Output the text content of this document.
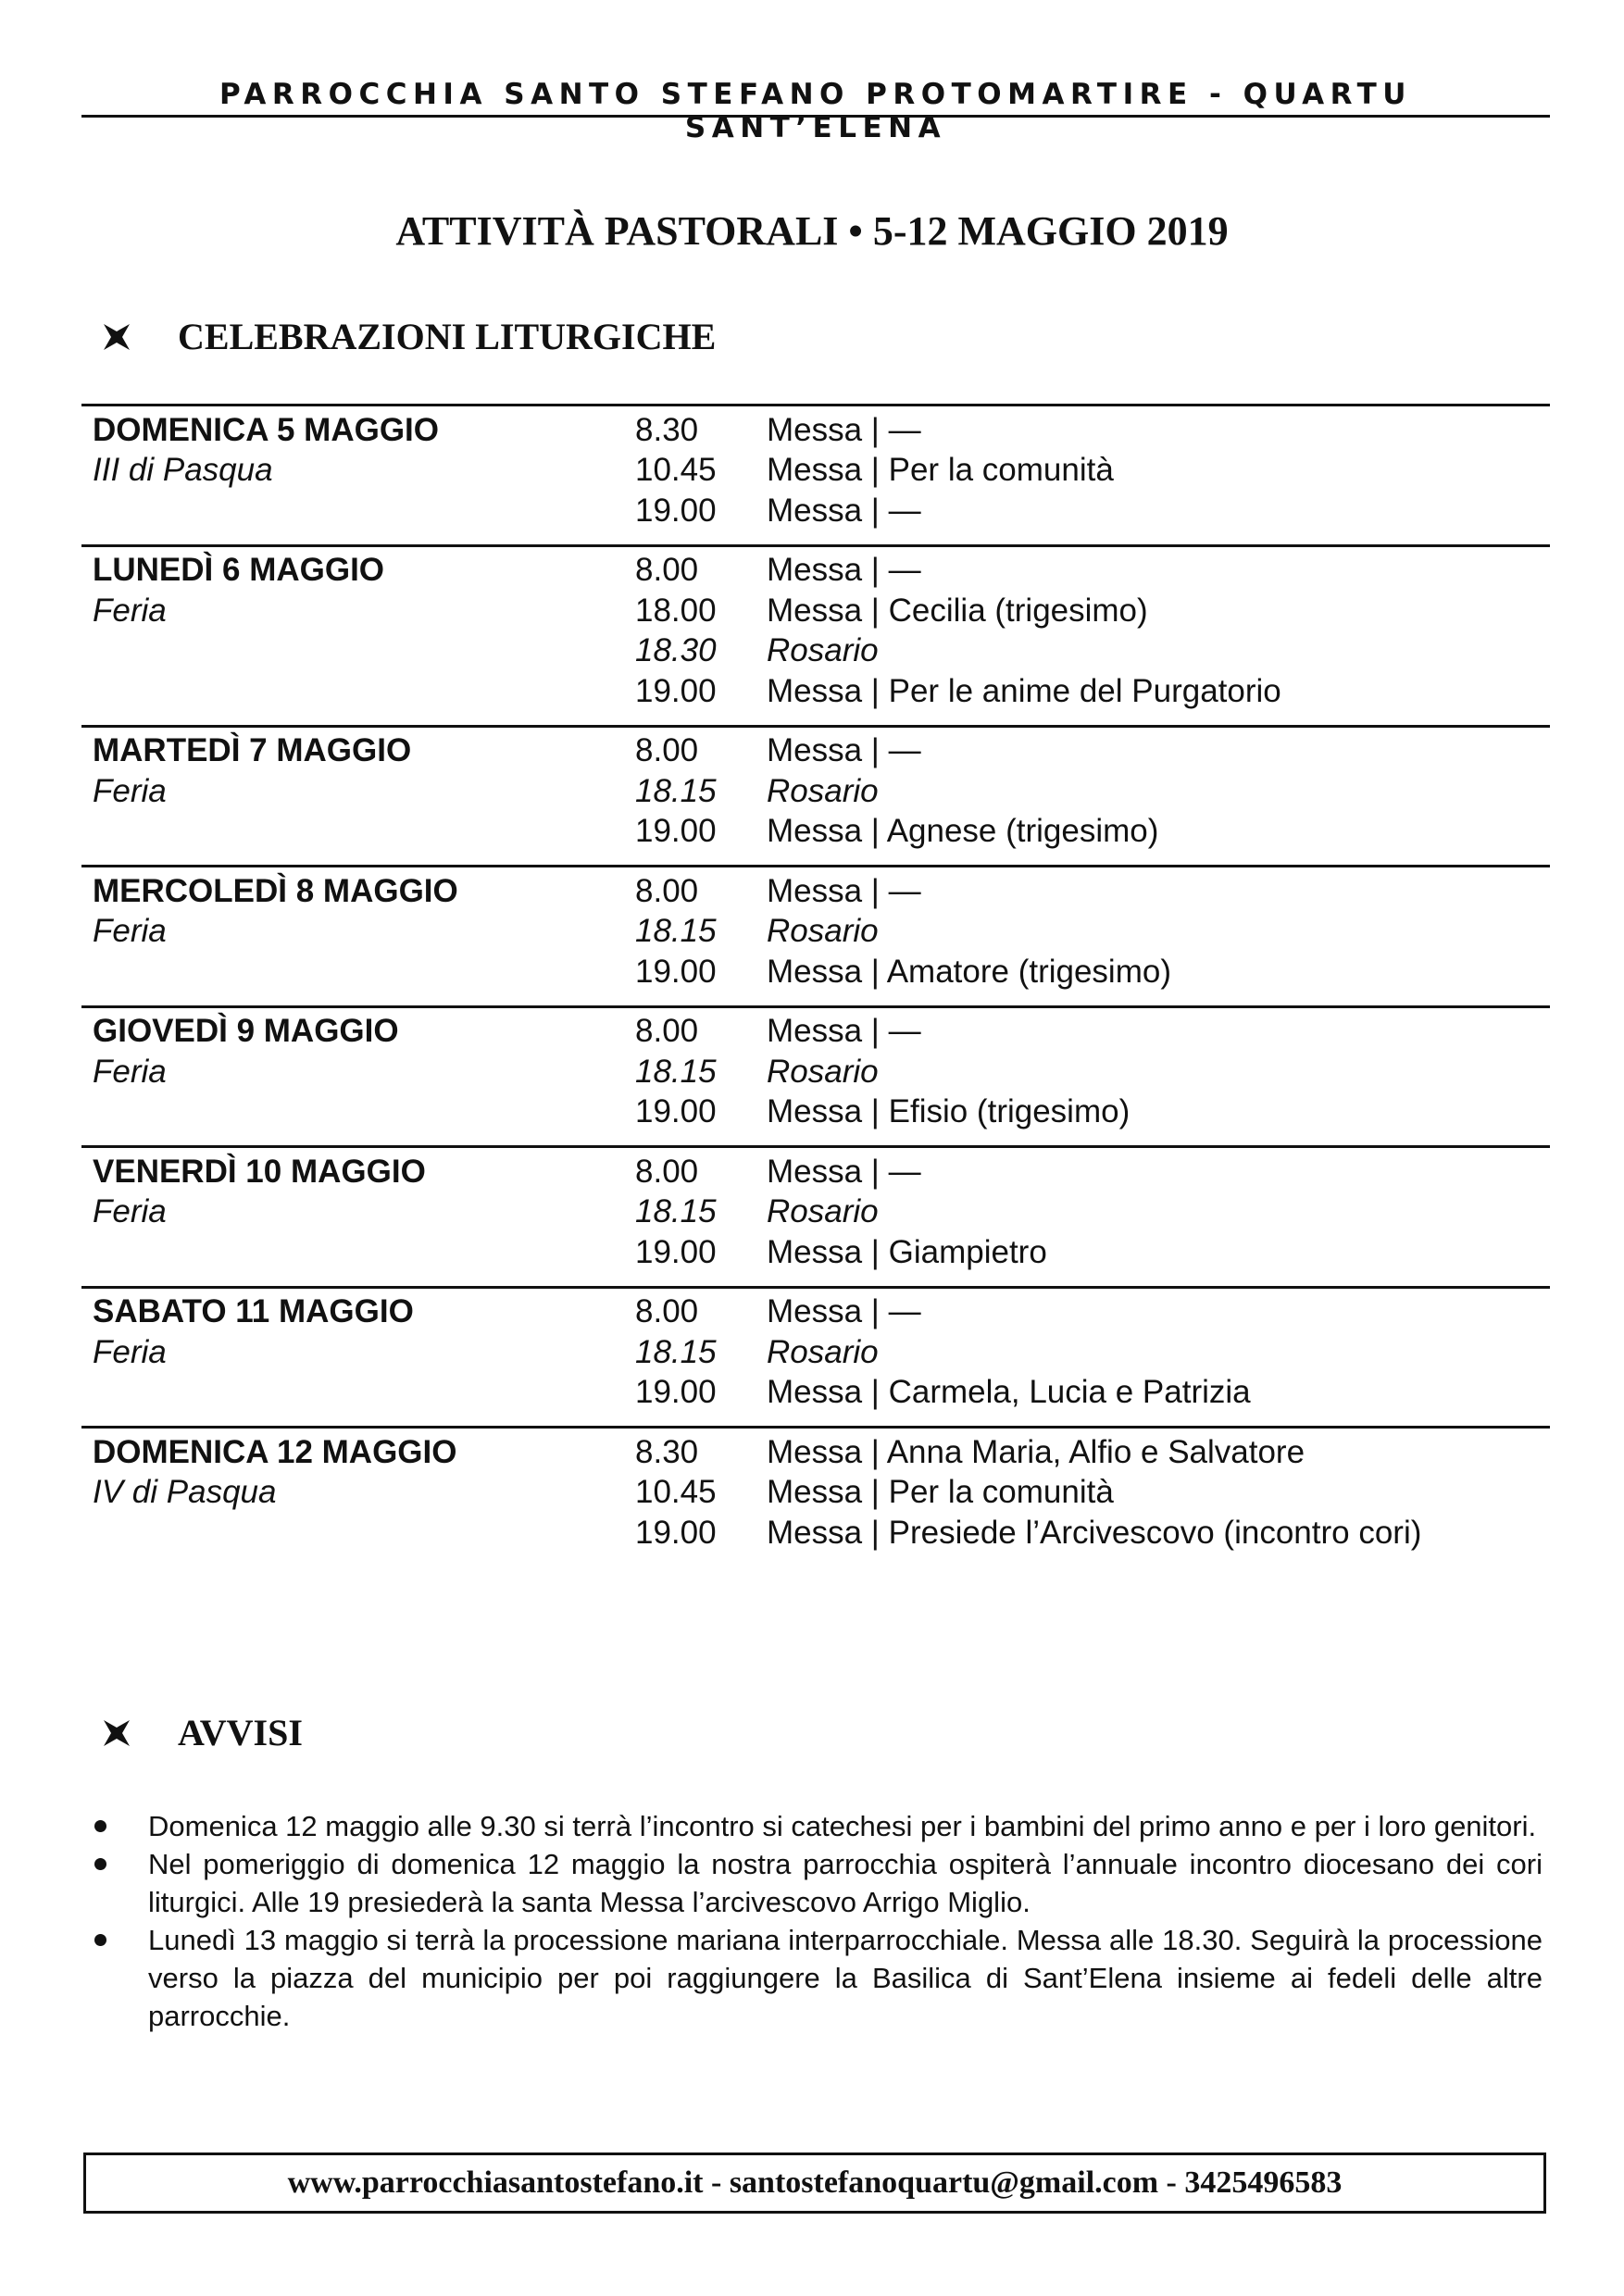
PARROCCHIA SANTO STEFANO PROTOMARTIRE - QUARTU SANT’ELENA
ATTIVITÀ PASTORALI • 5-12 MAGGIO 2019
CELEBRAZIONI LITURGICHE
DOMENICA 5 MAGGIO	8.30	Messa | —
III di Pasqua	10.45	Messa | Per la comunità
19.00	Messa | —
LUNEDÌ 6 MAGGIO	8.00	Messa | —
Feria	18.00	Messa | Cecilia (trigesimo)
18.30	Rosario
19.00	Messa | Per le anime del Purgatorio
MARTEDÌ 7 MAGGIO	8.00	Messa | —
Feria	18.15	Rosario
19.00	Messa | Agnese (trigesimo)
MERCOLEDÌ 8 MAGGIO	8.00	Messa | —
Feria	18.15	Rosario
19.00	Messa | Amatore (trigesimo)
GIOVEDÌ 9 MAGGIO	8.00	Messa | —
Feria	18.15	Rosario
19.00	Messa | Efisio (trigesimo)
VENERDÌ 10 MAGGIO	8.00	Messa | —
Feria	18.15	Rosario
19.00	Messa | Giampietro
SABATO 11 MAGGIO	8.00	Messa | —
Feria	18.15	Rosario
19.00	Messa | Carmela, Lucia e Patrizia
DOMENICA 12 MAGGIO	8.30	Messa | Anna Maria, Alfio e Salvatore
IV di Pasqua	10.45	Messa | Per la comunità
19.00	Messa | Presiede l’Arcivescovo (incontro cori)
AVVISI
Domenica 12 maggio alle 9.30 si terrà l’incontro si catechesi per i bambini del primo anno e per i loro genitori.
Nel pomeriggio di domenica 12 maggio la nostra parrocchia ospiterà l’annuale incontro diocesano dei cori liturgici. Alle 19 presiederà la santa Messa l’arcivescovo Arrigo Miglio.
Lunedì 13 maggio si terrà la processione mariana interparrocchiale. Messa alle 18.30. Seguirà la processione verso la piazza del municipio per poi raggiungere la Basilica di Sant’Elena insieme ai fedeli delle altre parrocchie.
www.parrocchiasantostefano.it - santostefanoquartu@gmail.com - 3425496583
